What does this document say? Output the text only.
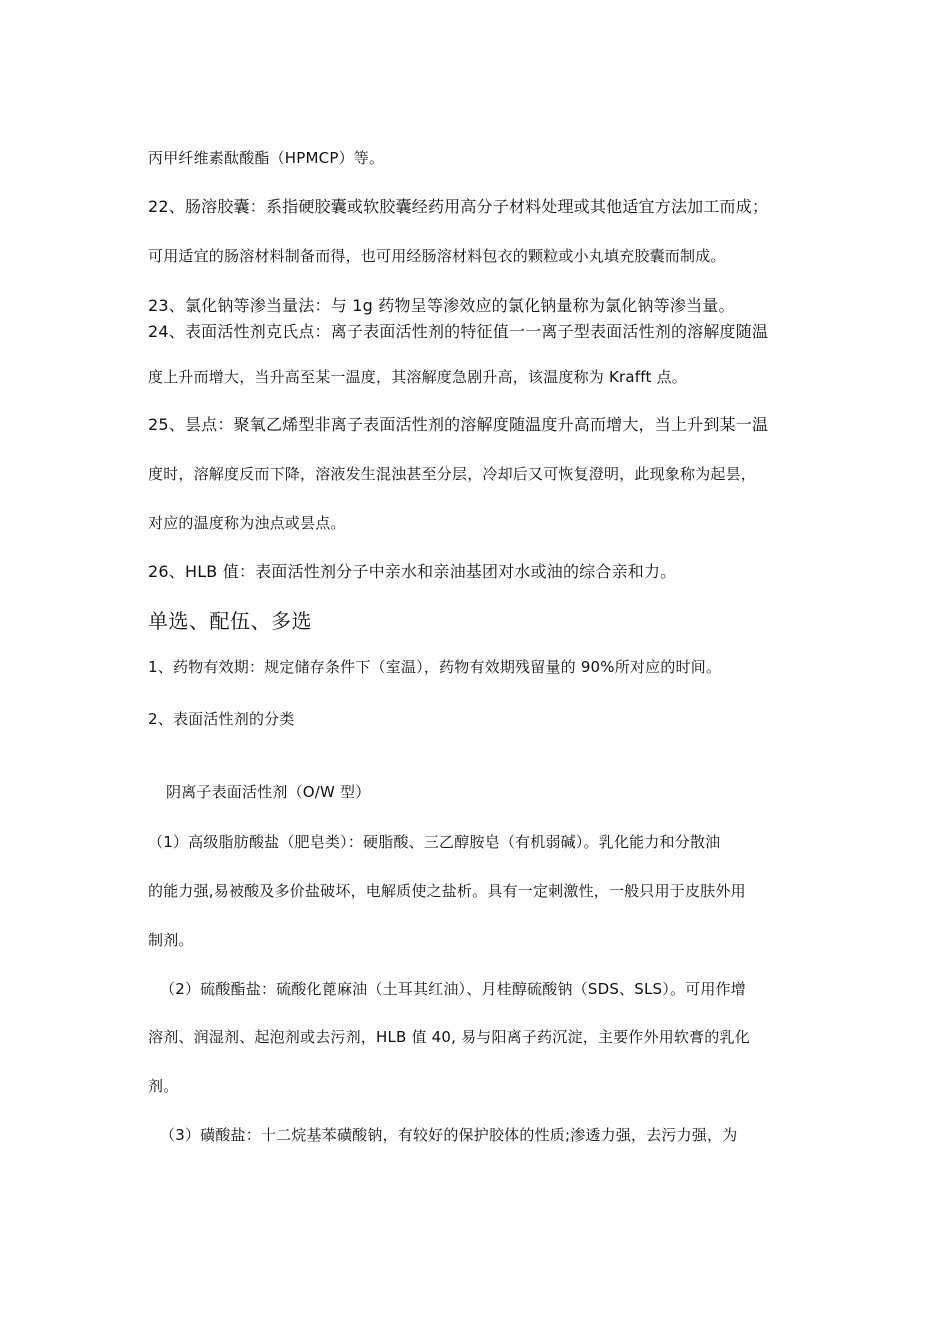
丙甲纤维素酞酸酯（HPMCP）等。
22、肠溶胶囊：系指硬胶囊或软胶囊经药用高分子材料处理或其他适宜方法加工而成；
可用适宜的肠溶材料制备而得，也可用经肠溶材料包衣的颗粒或小丸填充胶囊而制成。
23、氯化钠等渗当量法：与 1g 药物呈等渗效应的氯化钠量称为氯化钠等渗当量。
24、表面活性剂克氏点：离子表面活性剂的特征值一一离子型表面活性剂的溶解度随温
度上升而增大，当升高至某一温度，其溶解度急剧升高，该温度称为 Krafft 点。
25、昙点：聚氧乙烯型非离子表面活性剂的溶解度随温度升高而增大，当上升到某一温
度时，溶解度反而下降，溶液发生混浊甚至分层，冷却后又可恢复澄明，此现象称为起昙，
对应的温度称为浊点或昙点。
26、HLB 值：表面活性剂分子中亲水和亲油基团对水或油的综合亲和力。
单选、配伍、多选
1、药物有效期：规定储存条件下（室温），药物有效期残留量的 90%所对应的时间。
2、表面活性剂的分类
阴离子表面活性剂（O/W 型）
（1）高级脂肪酸盐（肥皂类）：硬脂酸、三乙醇胺皂（有机弱碱）。乳化能力和分散油
的能力强,易被酸及多价盐破坏，电解质使之盐析。具有一定刺激性，一般只用于皮肤外用
制剂。
（2）硫酸酯盐：硫酸化蓖麻油（土耳其红油）、月桂醇硫酸钠（SDS、SLS）。可用作增
溶剂、润湿剂、起泡剂或去污剂，HLB 值 40, 易与阳离子药沉淀，主要作外用软膏的乳化
剂。
（3）磺酸盐：十二烷基苯磺酸钠，有较好的保护胶体的性质;渗透力强，去污力强，为
